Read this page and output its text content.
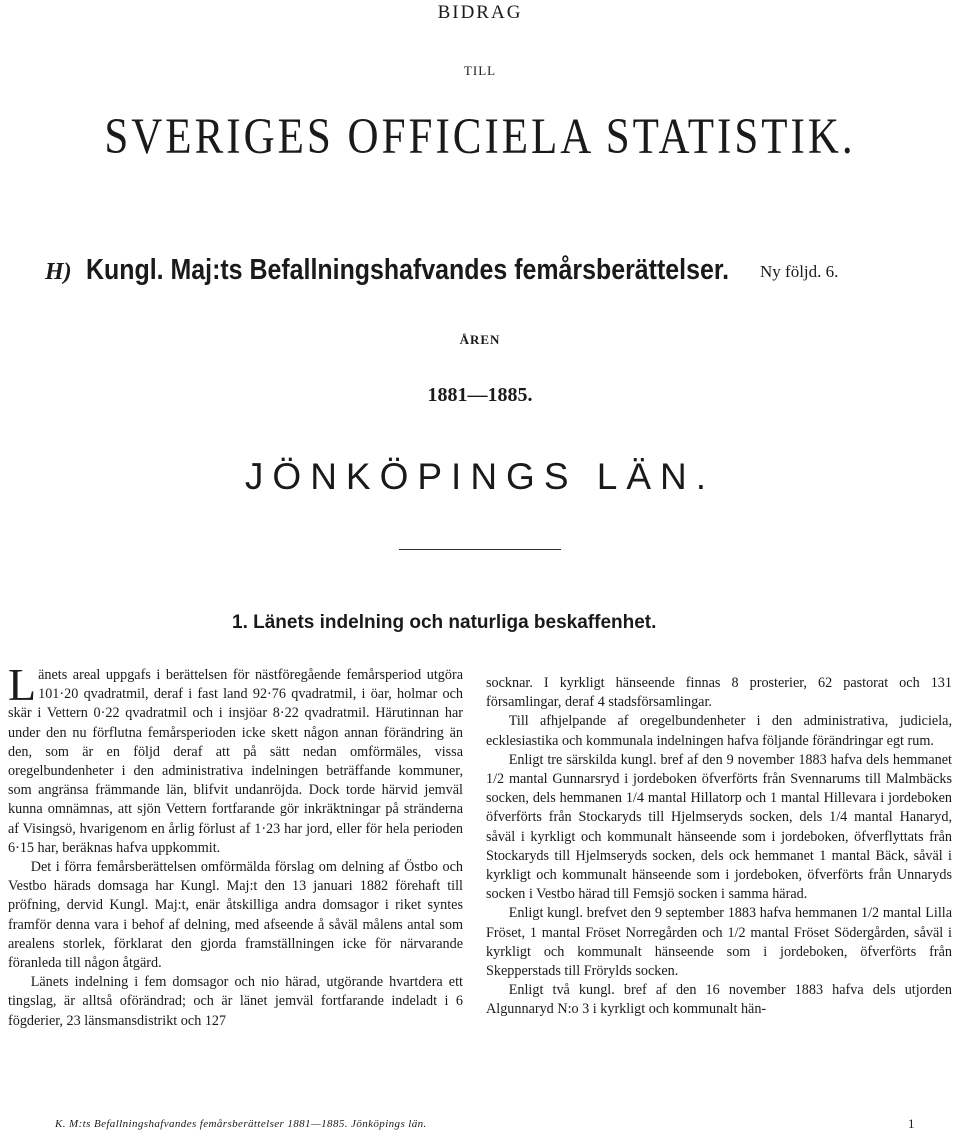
BIDRAG
TILL
SVERIGES OFFICIELA STATISTIK.
H) Kungl. Maj:ts Befallningshafvandes femårsberättelser. Ny följd. 6.
ÅREN
1881—1885.
JÖNKÖPINGS LÄN.
1. Länets indelning och naturliga beskaffenhet.

Länets areal uppgafs i berättelsen för nästföregående femårsperiod utgöra 101·20 qvadratmil, deraf i fast land 92·76 qvadratmil, i öar, holmar och skär i Vettern 0·22 qvadratmil och i insjöar 8·22 qvadratmil. Härutinnan har under den nu förflutna femårsperioden icke skett någon annan förändring än den, som är en följd deraf att på sätt nedan omförmäles, vissa oregelbundenheter i den administrativa indelningen beträffande kommuner, som angränsa främmande län, blifvit undanröjda. Dock torde härvid jemväl kunna omnämnas, att sjön Vettern fortfarande gör inkräktningar på stränderna af Visingsö, hvarigenom en årlig förlust af 1·23 har jord, eller för hela perioden 6·15 har, beräknas hafva uppkommit.

Det i förra femårsberättelsen omförmälda förslag om delning af Östbo och Vestbo härads domsaga har Kungl. Maj:t den 13 januari 1882 förehaft till pröfning, dervid Kungl. Maj:t, enär åtskilliga andra domsagor i riket syntes framför denna vara i behof af delning, med afseende å såväl målens antal som arealens storlek, förklarat den gjorda framställningen icke för närvarande föranleda till någon åtgärd.

Länets indelning i fem domsagor och nio härad, utgörande hvartdera ett tingslag, är alltså oförändrad; och är länet jemväl fortfarande indeladt i 6 fögderier, 23 länsmansdistrikt och 127

socknar. I kyrkligt hänseende finnas 8 prosterier, 62 pastorat och 131 församlingar, deraf 4 stadsförsamlingar.

Till afhjelpande af oregelbundenheter i den administrativa, judiciela, ecklesiastika och kommunala indelningen hafva följande förändringar egt rum.

Enligt tre särskilda kungl. bref af den 9 november 1883 hafva dels hemmanet 1/2 mantal Gunnarsryd i jordeboken öfverförts från Svennarums till Malmbäcks socken, dels hemmanen 1/4 mantal Hillatorp och 1 mantal Hillevara i jordeboken öfverförts från Stockaryds till Hjelmseryds socken, dels 1/4 mantal Hanaryd, såväl i kyrkligt och kommunalt hänseende som i jordeboken, öfverflyttats från Stockaryds till Hjelmseryds socken, dels ock hemmanet 1 mantal Bäck, såväl i kyrkligt och kommunalt hänseende som i jordeboken, öfverförts från Unnaryds socken i Vestbo härad till Femsjö socken i samma härad.

Enligt kungl. brefvet den 9 september 1883 hafva hemmanen 1/2 mantal Lilla Fröset, 1 mantal Fröset Norregården och 1/2 mantal Fröset Södergården, såväl i kyrkligt och kommunalt hänseende som i jordeboken, öfverförts från Skepperstads till Frörylds socken.

Enligt två kungl. bref af den 16 november 1883 hafva dels utjorden Algunnaryd N:o 3 i kyrkligt och kommunalt hän-

K. M:ts Befallningshafvandes femårsberättelser 1881—1885. Jönköpings län.	1
